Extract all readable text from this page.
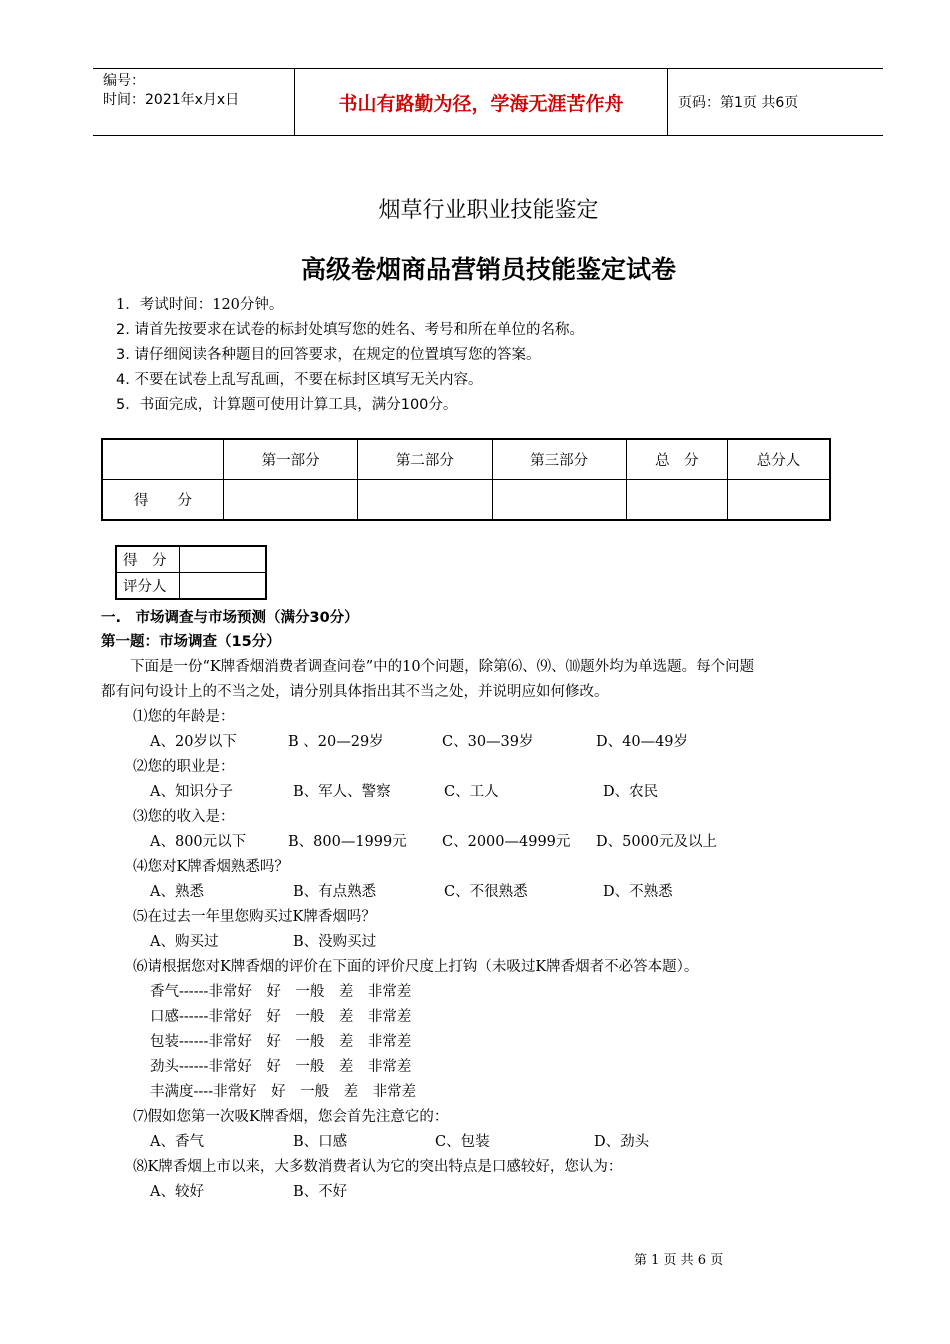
编号：
时间：2021年x月x日	书山有路勤为径，学海无涯苦作舟	页码：第1页 共6页
烟草行业职业技能鉴定
高级卷烟商品营销员技能鉴定试卷
1．考试时间：120分钟。
2. 请首先按要求在试卷的标封处填写您的姓名、考号和所在单位的名称。
3. 请仔细阅读各种题目的回答要求，在规定的位置填写您的答案。
4. 不要在试卷上乱写乱画，不要在标封区填写无关内容。
5．书面完成，计算题可使用计算工具，满分100分。
	第一部分	第二部分	第三部分	总　分	总分人
得　　分					
得　分	
评分人	
一.　市场调查与市场预测（满分30分）
第一题：市场调查（15分）
　　下面是一份“K牌香烟消费者调查问卷”中的10个问题，除第⑹、⑼、⑽题外均为单选题。每个问题
都有问句设计上的不当之处，请分别具体指出其不当之处，并说明应如何修改。
⑴您的年龄是：
A、20岁以下	B 、20—29岁	C、30—39岁	D、40—49岁
⑵您的职业是：
A、知识分子	B、军人、警察	C、工人	D、农民
⑶您的收入是：
A、800元以下	B、800—1999元 C、2000—4999元 D、5000元及以上
⑷您对K牌香烟熟悉吗？
A、熟悉	B、有点熟悉	C、不很熟悉	D、不熟悉
⑸在过去一年里您购买过K牌香烟吗？
A、购买过	B、没购买过
⑹请根据您对K牌香烟的评价在下面的评价尺度上打钩（未吸过K牌香烟者不必答本题）。
香气------非常好　好　一般　差　非常差
口感------非常好　好　一般　差　非常差
包装------非常好　好　一般　差　非常差
劲头------非常好　好　一般　差　非常差
丰满度----非常好　好　一般　差　非常差
⑺假如您第一次吸K牌香烟，您会首先注意它的：
A、香气	B、口感	C、包装	D、劲头
⑻K牌香烟上市以来，大多数消费者认为它的突出特点是口感较好，您认为：
A、较好	B、不好
第 1 页 共 6 页
